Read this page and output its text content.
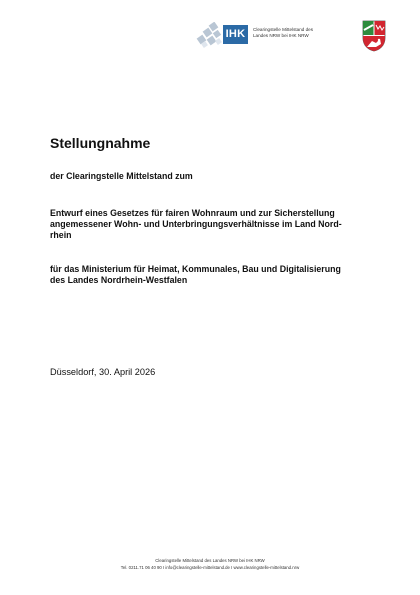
IHK	Clearingstelle Mittelstand des
Landes NRW bei IHK NRW
Stellungnahme
der Clearingstelle Mittelstand zum
Entwurf eines Gesetzes für fairen Wohnraum und zur Sicherstellung
angemessener Wohn- und Unterbringungsverhältnisse im Land Nord-
rhein
für das Ministerium für Heimat, Kommunales, Bau und Digitalisierung
des Landes Nordrhein-Westfalen
Düsseldorf, 30. April 2026
Clearingstelle Mittelstand des Landes NRW bei IHK NRW
Tel. 0211.71 06 40 90 I info@clearingstelle-mittelstand.de I www.clearingstelle-mittelstand.nrw
